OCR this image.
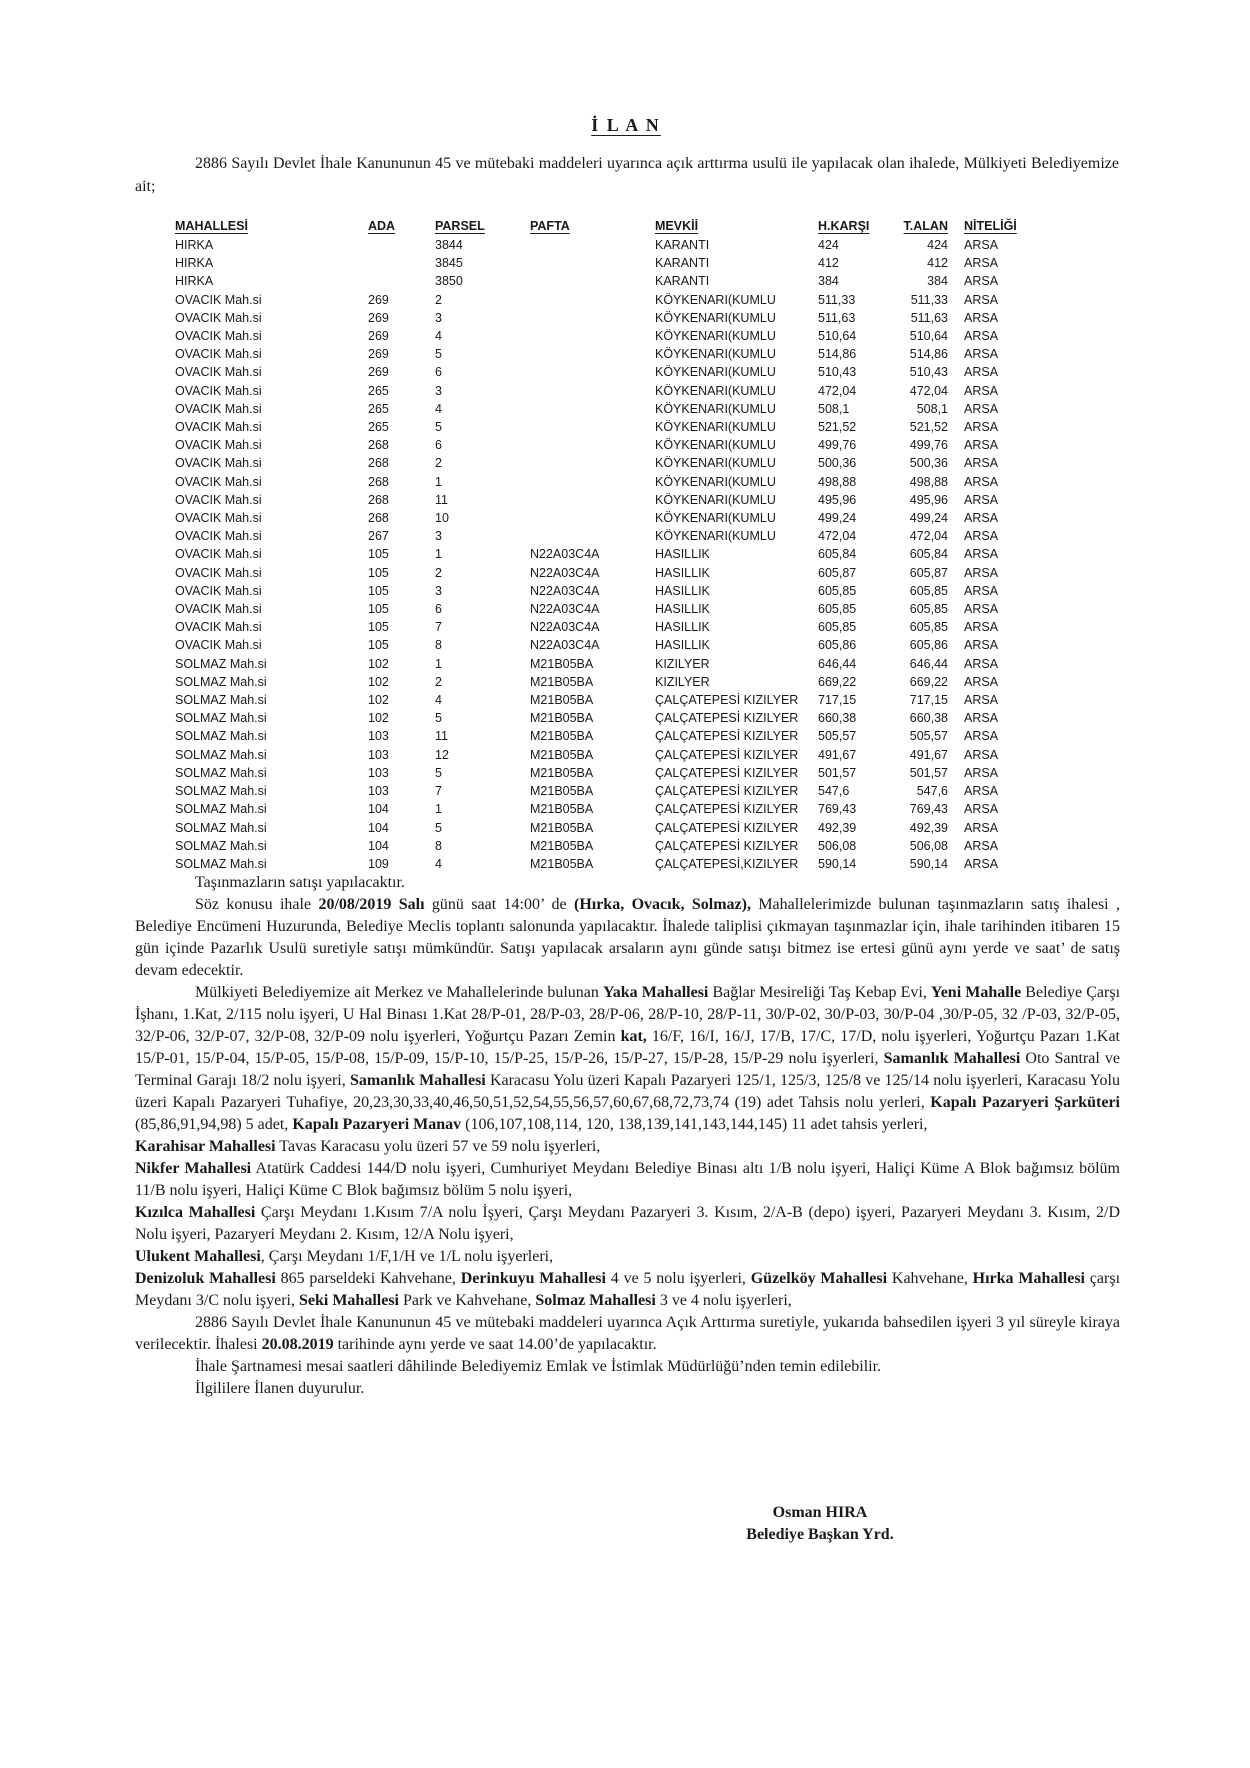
İ L A N

2886 Sayılı Devlet İhale Kanununun 45 ve mütebaki maddeleri uyarınca açık arttırma usulü ile yapılacak olan ihalede, Mülkiyeti Belediyemize ait;

MAHALLESİ	ADA	PARSEL	PAFTA	MEVKİİ	H.KARŞI	T.ALAN	NİTELİĞİ
HIRKA		3844		KARANTI	424	424	ARSA
HIRKA		3845		KARANTI	412	412	ARSA
HIRKA		3850		KARANTI	384	384	ARSA
OVACIK Mah.si	269	2		KÖYKENARI(KUMLU	511,33	511,33	ARSA
OVACIK Mah.si	269	3		KÖYKENARI(KUMLU	511,63	511,63	ARSA
OVACIK Mah.si	269	4		KÖYKENARI(KUMLU	510,64	510,64	ARSA
OVACIK Mah.si	269	5		KÖYKENARI(KUMLU	514,86	514,86	ARSA
OVACIK Mah.si	269	6		KÖYKENARI(KUMLU	510,43	510,43	ARSA
OVACIK Mah.si	265	3		KÖYKENARI(KUMLU	472,04	472,04	ARSA
OVACIK Mah.si	265	4		KÖYKENARI(KUMLU	508,1	508,1	ARSA
OVACIK Mah.si	265	5		KÖYKENARI(KUMLU	521,52	521,52	ARSA
OVACIK Mah.si	268	6		KÖYKENARI(KUMLU	499,76	499,76	ARSA
OVACIK Mah.si	268	2		KÖYKENARI(KUMLU	500,36	500,36	ARSA
OVACIK Mah.si	268	1		KÖYKENARI(KUMLU	498,88	498,88	ARSA
OVACIK Mah.si	268	11		KÖYKENARI(KUMLU	495,96	495,96	ARSA
OVACIK Mah.si	268	10		KÖYKENARI(KUMLU	499,24	499,24	ARSA
OVACIK Mah.si	267	3		KÖYKENARI(KUMLU	472,04	472,04	ARSA
OVACIK Mah.si	105	1	N22A03C4A	HASILLIK	605,84	605,84	ARSA
OVACIK Mah.si	105	2	N22A03C4A	HASILLIK	605,87	605,87	ARSA
OVACIK Mah.si	105	3	N22A03C4A	HASILLIK	605,85	605,85	ARSA
OVACIK Mah.si	105	6	N22A03C4A	HASILLIK	605,85	605,85	ARSA
OVACIK Mah.si	105	7	N22A03C4A	HASILLIK	605,85	605,85	ARSA
OVACIK Mah.si	105	8	N22A03C4A	HASILLIK	605,86	605,86	ARSA
SOLMAZ Mah.si	102	1	M21B05BA	KIZILYER	646,44	646,44	ARSA
SOLMAZ Mah.si	102	2	M21B05BA	KIZILYER	669,22	669,22	ARSA
SOLMAZ Mah.si	102	4	M21B05BA	ÇALÇATEPESİ KIZILYER	717,15	717,15	ARSA
SOLMAZ Mah.si	102	5	M21B05BA	ÇALÇATEPESİ KIZILYER	660,38	660,38	ARSA
SOLMAZ Mah.si	103	11	M21B05BA	ÇALÇATEPESİ KIZILYER	505,57	505,57	ARSA
SOLMAZ Mah.si	103	12	M21B05BA	ÇALÇATEPESİ KIZILYER	491,67	491,67	ARSA
SOLMAZ Mah.si	103	5	M21B05BA	ÇALÇATEPESİ KIZILYER	501,57	501,57	ARSA
SOLMAZ Mah.si	103	7	M21B05BA	ÇALÇATEPESİ KIZILYER	547,6	547,6	ARSA
SOLMAZ Mah.si	104	1	M21B05BA	ÇALÇATEPESİ KIZILYER	769,43	769,43	ARSA
SOLMAZ Mah.si	104	5	M21B05BA	ÇALÇATEPESİ KIZILYER	492,39	492,39	ARSA
SOLMAZ Mah.si	104	8	M21B05BA	ÇALÇATEPESİ KIZILYER	506,08	506,08	ARSA
SOLMAZ Mah.si	109	4	M21B05BA	ÇALÇATEPESİ,KIZILYER	590,14	590,14	ARSA

Taşınmazların satışı yapılacaktır.

Söz konusu ihale 20/08/2019 Salı günü saat 14:00’ de (Hırka, Ovacık, Solmaz), Mahallelerimizde bulunan taşınmazların satış ihalesi , Belediye Encümeni Huzurunda, Belediye Meclis toplantı salonunda yapılacaktır. İhalede taliplisi çıkmayan taşınmazlar için, ihale tarihinden itibaren 15 gün içinde Pazarlık Usulü suretiyle satışı mümkündür. Satışı yapılacak arsaların aynı günde satışı bitmez ise ertesi günü aynı yerde ve saat’ de satış devam edecektir.

Mülkiyeti Belediyemize ait Merkez ve Mahallelerinde bulunan Yaka Mahallesi Bağlar Mesireliği Taş Kebap Evi, Yeni Mahalle Belediye Çarşı İşhanı, 1.Kat, 2/115 nolu işyeri, U Hal Binası 1.Kat 28/P-01, 28/P-03, 28/P-06, 28/P-10, 28/P-11, 30/P-02, 30/P-03, 30/P-04 ,30/P-05, 32 /P-03, 32/P-05, 32/P-06, 32/P-07, 32/P-08, 32/P-09 nolu işyerleri, Yoğurtçu Pazarı Zemin kat, 16/F, 16/I, 16/J, 17/B, 17/C, 17/D, nolu işyerleri, Yoğurtçu Pazarı 1.Kat 15/P-01, 15/P-04, 15/P-05, 15/P-08, 15/P-09, 15/P-10, 15/P-25, 15/P-26, 15/P-27, 15/P-28, 15/P-29 nolu işyerleri, Samanlık Mahallesi Oto Santral ve Terminal Garajı 18/2 nolu işyeri, Samanlık Mahallesi Karacasu Yolu üzeri Kapalı Pazaryeri 125/1, 125/3, 125/8 ve 125/14 nolu işyerleri, Karacasu Yolu üzeri Kapalı Pazaryeri Tuhafiye, 20,23,30,33,40,46,50,51,52,54,55,56,57,60,67,68,72,73,74 (19) adet Tahsis nolu yerleri, Kapalı Pazaryeri Şarküteri (85,86,91,94,98) 5 adet, Kapalı Pazaryeri Manav (106,107,108,114, 120, 138,139,141,143,144,145) 11 adet tahsis yerleri,

Karahisar Mahallesi Tavas Karacasu yolu üzeri 57 ve 59 nolu işyerleri,

Nikfer Mahallesi Atatürk Caddesi 144/D nolu işyeri, Cumhuriyet Meydanı Belediye Binası altı 1/B nolu işyeri, Haliçi Küme A Blok bağımsız bölüm 11/B nolu işyeri, Haliçi Küme C Blok bağımsız bölüm 5 nolu işyeri,

Kızılca Mahallesi Çarşı Meydanı 1.Kısım 7/A nolu İşyeri, Çarşı Meydanı Pazaryeri 3. Kısım, 2/A-B (depo) işyeri, Pazaryeri Meydanı 3. Kısım, 2/D Nolu işyeri, Pazaryeri Meydanı 2. Kısım, 12/A Nolu işyeri,

Ulukent Mahallesi, Çarşı Meydanı 1/F,1/H ve 1/L nolu işyerleri,

Denizoluk Mahallesi 865 parseldeki Kahvehane, Derinkuyu Mahallesi 4 ve 5 nolu işyerleri, Güzelköy Mahallesi Kahvehane, Hırka Mahallesi çarşı Meydanı 3/C nolu işyeri, Seki Mahallesi Park ve Kahvehane, Solmaz Mahallesi 3 ve 4 nolu işyerleri,

2886 Sayılı Devlet İhale Kanununun 45 ve mütebaki maddeleri uyarınca Açık Arttırma suretiyle, yukarıda bahsedilen işyeri 3 yıl süreyle kiraya verilecektir. İhalesi 20.08.2019 tarihinde aynı yerde ve saat 14.00’de yapılacaktır.

İhale Şartnamesi mesai saatleri dâhilinde Belediyemiz Emlak ve İstimlak Müdürlüğü’nden temin edilebilir.

İlgililere İlanen duyurulur.

Osman HIRA
Belediye Başkan Yrd.
